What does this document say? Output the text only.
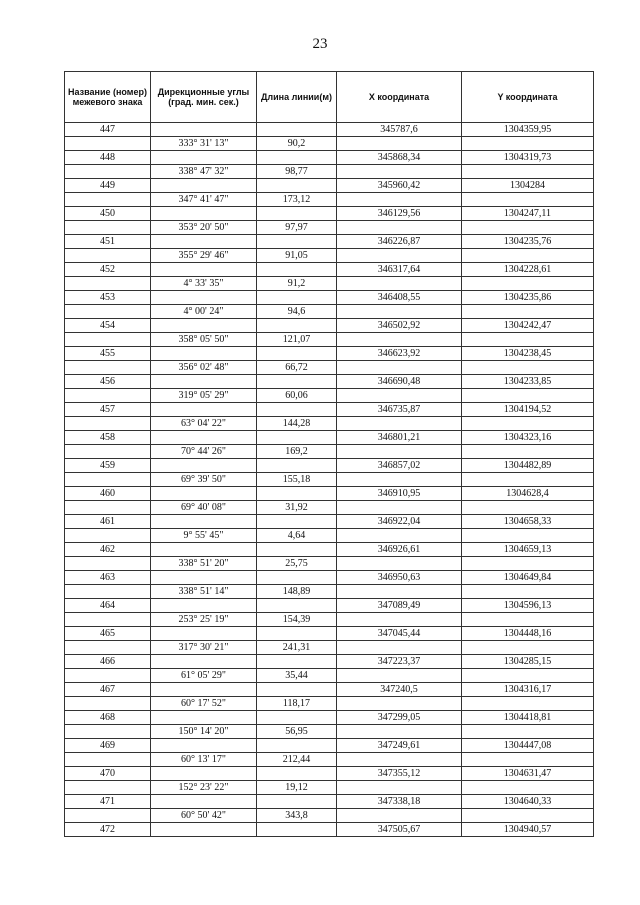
23
Название (номер) межевого знака	Дирекционные углы (град. мин. сек.)	Длина линии(м)	X координата	Y координата
447			345787,6	1304359,95
	333° 31' 13"	90,2		
448			345868,34	1304319,73
	338° 47' 32"	98,77		
449			345960,42	1304284
	347° 41' 47"	173,12		
450			346129,56	1304247,11
	353° 20' 50"	97,97		
451			346226,87	1304235,76
	355° 29' 46"	91,05		
452			346317,64	1304228,61
	4° 33' 35"	91,2		
453			346408,55	1304235,86
	4° 00' 24"	94,6		
454			346502,92	1304242,47
	358° 05' 50"	121,07		
455			346623,92	1304238,45
	356° 02' 48"	66,72		
456			346690,48	1304233,85
	319° 05' 29"	60,06		
457			346735,87	1304194,52
	63° 04' 22"	144,28		
458			346801,21	1304323,16
	70° 44' 26"	169,2		
459			346857,02	1304482,89
	69° 39' 50"	155,18		
460			346910,95	1304628,4
	69° 40' 08"	31,92		
461			346922,04	1304658,33
	9° 55' 45"	4,64		
462			346926,61	1304659,13
	338° 51' 20"	25,75		
463			346950,63	1304649,84
	338° 51' 14"	148,89		
464			347089,49	1304596,13
	253° 25' 19"	154,39		
465			347045,44	1304448,16
	317° 30' 21"	241,31		
466			347223,37	1304285,15
	61° 05' 29"	35,44		
467			347240,5	1304316,17
	60° 17' 52"	118,17		
468			347299,05	1304418,81
	150° 14' 20"	56,95		
469			347249,61	1304447,08
	60° 13' 17"	212,44		
470			347355,12	1304631,47
	152° 23' 22"	19,12		
471			347338,18	1304640,33
	60° 50' 42"	343,8		
472			347505,67	1304940,57
